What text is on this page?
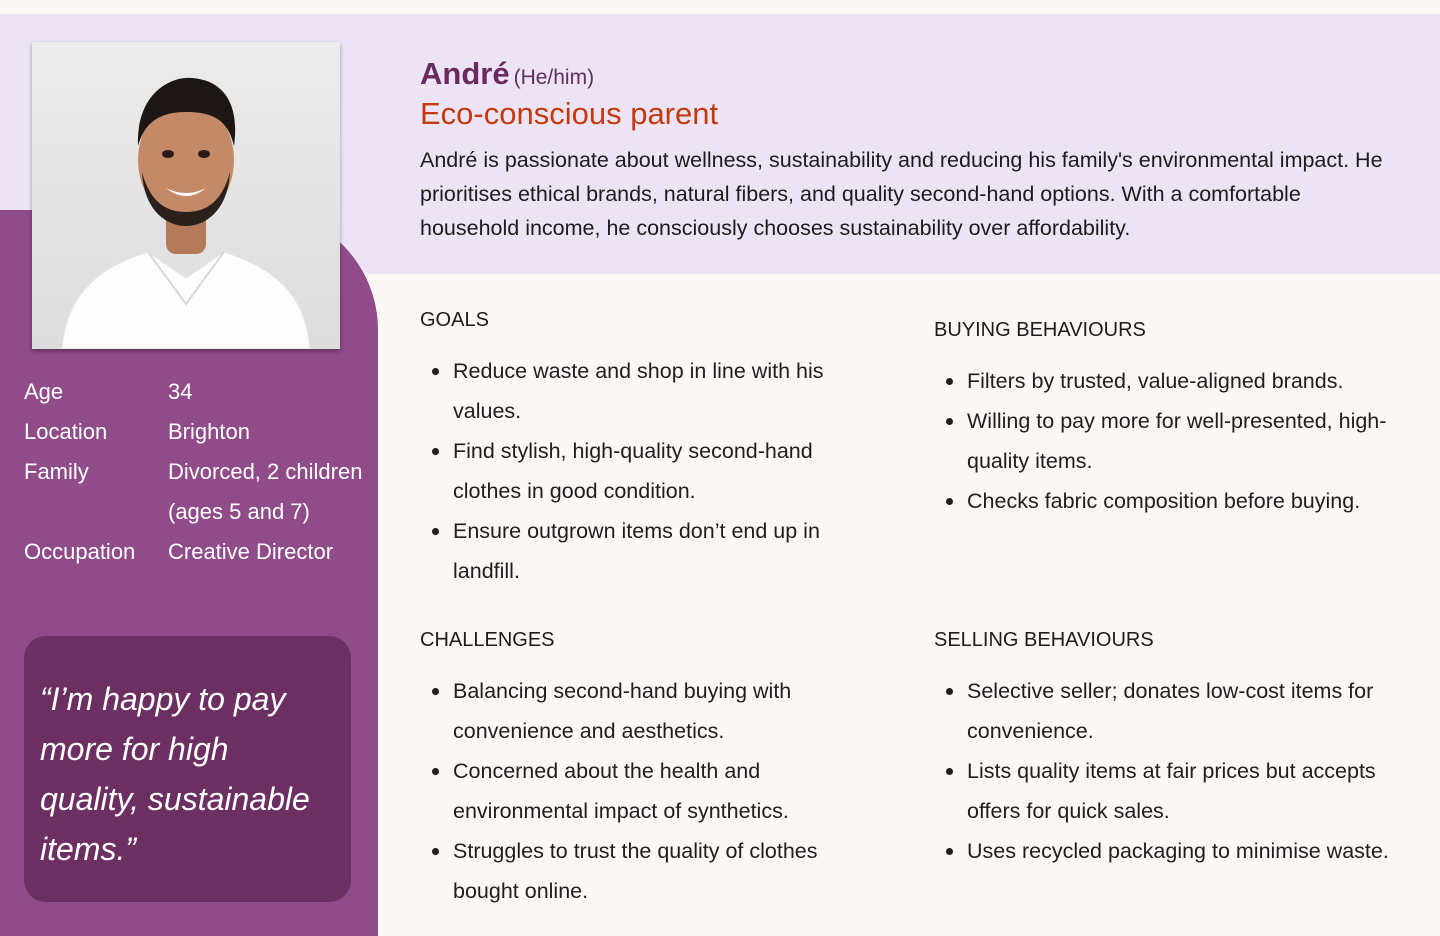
Age	34
Location	Brighton
Family	Divorced, 2 children (ages 5 and 7)
Occupation	Creative Director
“I’m happy to pay more for high quality, sustainable items.”
André (He/him)
Eco-conscious parent
André is passionate about wellness, sustainability and reducing his family's environmental impact. He prioritises ethical brands, natural fibers, and quality second-hand options. With a comfortable household income, he consciously chooses sustainability over affordability.
GOALS
Reduce waste and shop in line with his values.
Find stylish, high-quality second-hand clothes in good condition.
Ensure outgrown items don’t end up in landfill.
BUYING BEHAVIOURS
Filters by trusted, value-aligned brands.
Willing to pay more for well-presented, high-quality items.
Checks fabric composition before buying.
CHALLENGES
Balancing second-hand buying with convenience and aesthetics.
Concerned about the health and environmental impact of synthetics.
Struggles to trust the quality of clothes bought online.
SELLING BEHAVIOURS
Selective seller; donates low-cost items for convenience.
Lists quality items at fair prices but accepts offers for quick sales.
Uses recycled packaging to minimise waste.
